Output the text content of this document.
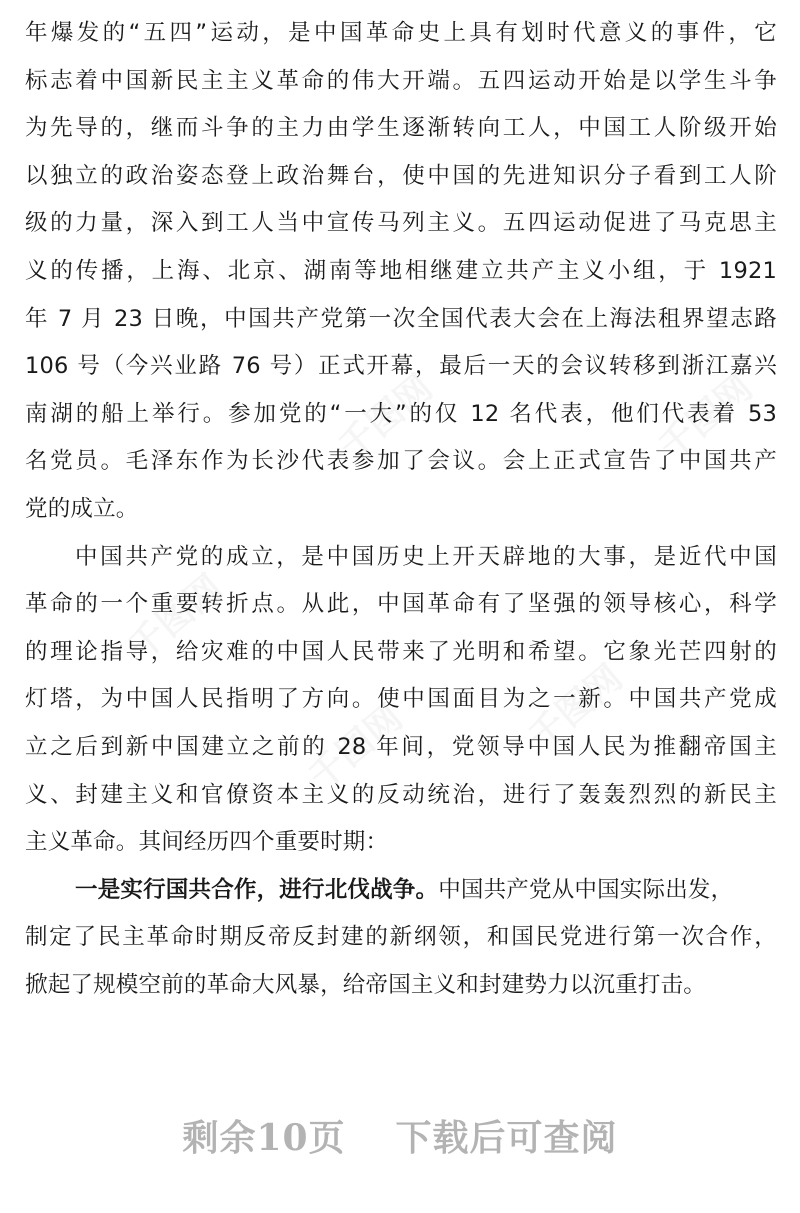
千图网	千图网
千图网
千图网
千图网
年爆发的“五四”运动，是中国革命史上具有划时代意义的事件，它
标志着中国新民主主义革命的伟大开端。五四运动开始是以学生斗争
为先导的，继而斗争的主力由学生逐渐转向工人，中国工人阶级开始
以独立的政治姿态登上政治舞台，使中国的先进知识分子看到工人阶
级的力量，深入到工人当中宣传马列主义。五四运动促进了马克思主
义的传播，上海、北京、湖南等地相继建立共产主义小组，于 1921
年 7 月 23 日晚，中国共产党第一次全国代表大会在上海法租界望志路
106 号（今兴业路 76 号）正式开幕，最后一天的会议转移到浙江嘉兴
南湖的船上举行。参加党的“一大”的仅 12 名代表，他们代表着 53
名党员。毛泽东作为长沙代表参加了会议。会上正式宣告了中国共产
党的成立。
中国共产党的成立，是中国历史上开天辟地的大事，是近代中国
革命的一个重要转折点。从此，中国革命有了坚强的领导核心，科学
的理论指导，给灾难的中国人民带来了光明和希望。它象光芒四射的
灯塔，为中国人民指明了方向。使中国面目为之一新。中国共产党成
立之后到新中国建立之前的 28 年间，党领导中国人民为推翻帝国主
义、封建主义和官僚资本主义的反动统治，进行了轰轰烈烈的新民主
主义革命。其间经历四个重要时期：
一是实行国共合作，进行北伐战争。中国共产党从中国实际出发，
制定了民主革命时期反帝反封建的新纲领，和国民党进行第一次合作，
掀起了规模空前的革命大风暴，给帝国主义和封建势力以沉重打击。
剩余10页 下载后可查阅
